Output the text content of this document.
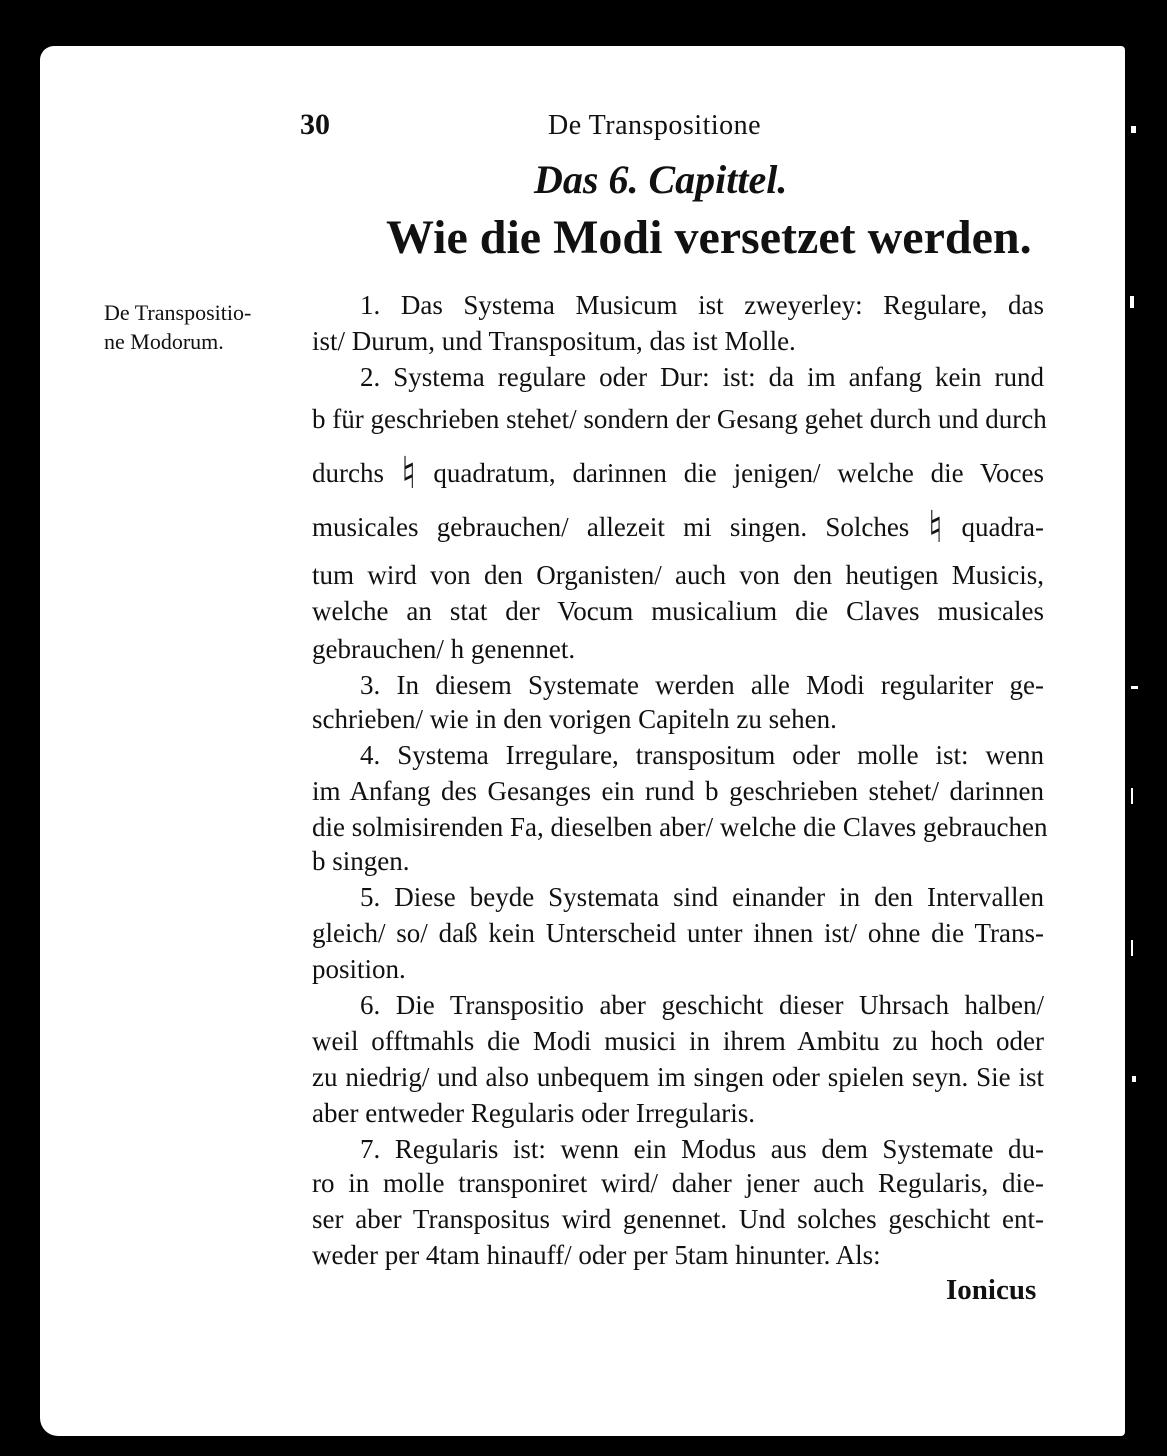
30	De Transpositione
Das 6. Capittel.
Wie die Modi versetzet werden.
De Transpositio-
ne Modorum.
1. Das Systema Musicum ist zweyerley: Regulare, das
ist/ Durum, und Transpositum, das ist Molle.
2. Systema regulare oder Dur: ist: da im anfang kein rund
b für geschrieben stehet/ sondern der Gesang gehet durch und durch
durchs ♮ quadratum, darinnen die jenigen/ welche die Voces
musicales gebrauchen/ allezeit mi singen. Solches ♮ quadra-
tum wird von den Organisten/ auch von den heutigen Musicis,
welche an stat der Vocum musicalium die Claves musicales
gebrauchen/ h genennet.
3. In diesem Systemate werden alle Modi regulariter ge-
schrieben/ wie in den vorigen Capiteln zu sehen.
4. Systema Irregulare, transpositum oder molle ist: wenn
im Anfang des Gesanges ein rund b geschrieben stehet/ darinnen
die solmisirenden Fa, dieselben aber/ welche die Claves gebrauchen
b singen.
5. Diese beyde Systemata sind einander in den Intervallen
gleich/ so/ daß kein Unterscheid unter ihnen ist/ ohne die Trans-
position.
6. Die Transpositio aber geschicht dieser Uhrsach halben/
weil offtmahls die Modi musici in ihrem Ambitu zu hoch oder
zu niedrig/ und also unbequem im singen oder spielen seyn. Sie ist
aber entweder Regularis oder Irregularis.
7. Regularis ist: wenn ein Modus aus dem Systemate du-
ro in molle transponiret wird/ daher jener auch Regularis, die-
ser aber Transpositus wird genennet. Und solches geschicht ent-
weder per 4tam hinauff/ oder per 5tam hinunter. Als:
Ionicus
